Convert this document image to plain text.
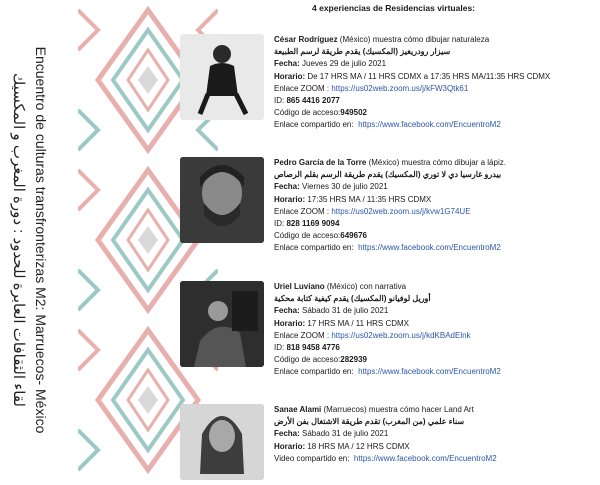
لقاء الثقافات العابرة للحدود : دورة المغرب و المكسيك Encuentro de culturas transfronterizas M2: Marruecos- México
4 experiencias de Residencias virtuales:
César Rodríguez (México) muestra cómo dibujar naturaleza
سيزار رودريغيز (المكسيك) يقدم طريقة لرسم الطبيعة
Fecha: Jueves 29 de julio 2021
Horario: De 17 HRS MA / 11 HRS CDMX a 17:35 HRS MA/11:35 HRS CDMX
Enlace ZOOM : https://us02web.zoom.us/j/kFW3Qtk61
ID: 865 4416 2077
Código de acceso:949502
Enlace compartido en: https://www.facebook.com/EncuentroM2
Pedro García de la Torre (México) muestra cómo dibujar a lápiz.
بيدرو غارسيا دي لا توري (المكسيك) يقدم طريقة الرسم بقلم الرصاص
Fecha: Viernes 30 de julio 2021
Horario: 17:35 HRS MA / 11:35 HRS CDMX
Enlace ZOOM : https://us02web.zoom.us/j/kvw1G74UE
ID: 828 1169 9094
Código de acceso:649676
Enlace compartido en: https://www.facebook.com/EncuentroM2
Uriel Luviano (México) con narrativa
أوريل لوفيانو (المكسيك) يقدم كيفية كتابة محكية
Fecha: Sábado 31 de julio 2021
Horario: 17 HRS MA / 11 HRS CDMX
Enlace ZOOM : https://us02web.zoom.us/j/kdKBAdElnk
ID: 818 9458 4776
Código de acceso:282939
Enlace compartido en: https://www.facebook.com/EncuentroM2
Sanae Alami (Marruecos) muestra cómo hacer Land Art
سناء علمي (من المغرب) تقدم طريقة الاشتغال بفن الأرض
Fecha: Sábado 31 de julio 2021
Horario: 18 HRS MA / 12 HRS CDMX
Video compartido en: https://www.facebook.com/EncuentroM2
